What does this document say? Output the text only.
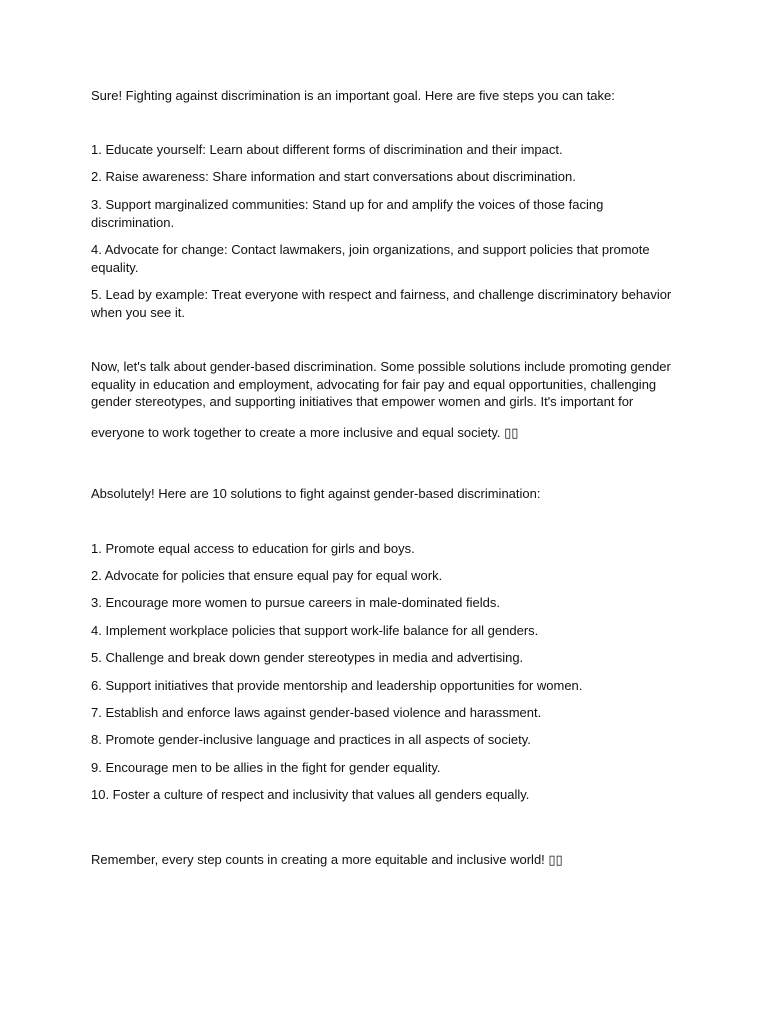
Sure! Fighting against discrimination is an important goal. Here are five steps you can take:

1. Educate yourself: Learn about different forms of discrimination and their impact.

2. Raise awareness: Share information and start conversations about discrimination.

3. Support marginalized communities: Stand up for and amplify the voices of those facing discrimination.

4. Advocate for change: Contact lawmakers, join organizations, and support policies that promote equality.

5. Lead by example: Treat everyone with respect and fairness, and challenge discriminatory behavior when you see it.

Now, let's talk about gender-based discrimination. Some possible solutions include promoting gender equality in education and employment, advocating for fair pay and equal opportunities, challenging gender stereotypes, and supporting initiatives that empower women and girls. It's important for

everyone to work together to create a more inclusive and equal society. ▯▯

Absolutely! Here are 10 solutions to fight against gender-based discrimination:

1. Promote equal access to education for girls and boys.

2. Advocate for policies that ensure equal pay for equal work.

3. Encourage more women to pursue careers in male-dominated fields.

4. Implement workplace policies that support work-life balance for all genders.

5. Challenge and break down gender stereotypes in media and advertising.

6. Support initiatives that provide mentorship and leadership opportunities for women.

7. Establish and enforce laws against gender-based violence and harassment.

8. Promote gender-inclusive language and practices in all aspects of society.

9. Encourage men to be allies in the fight for gender equality.

10. Foster a culture of respect and inclusivity that values all genders equally.

Remember, every step counts in creating a more equitable and inclusive world! ▯▯
